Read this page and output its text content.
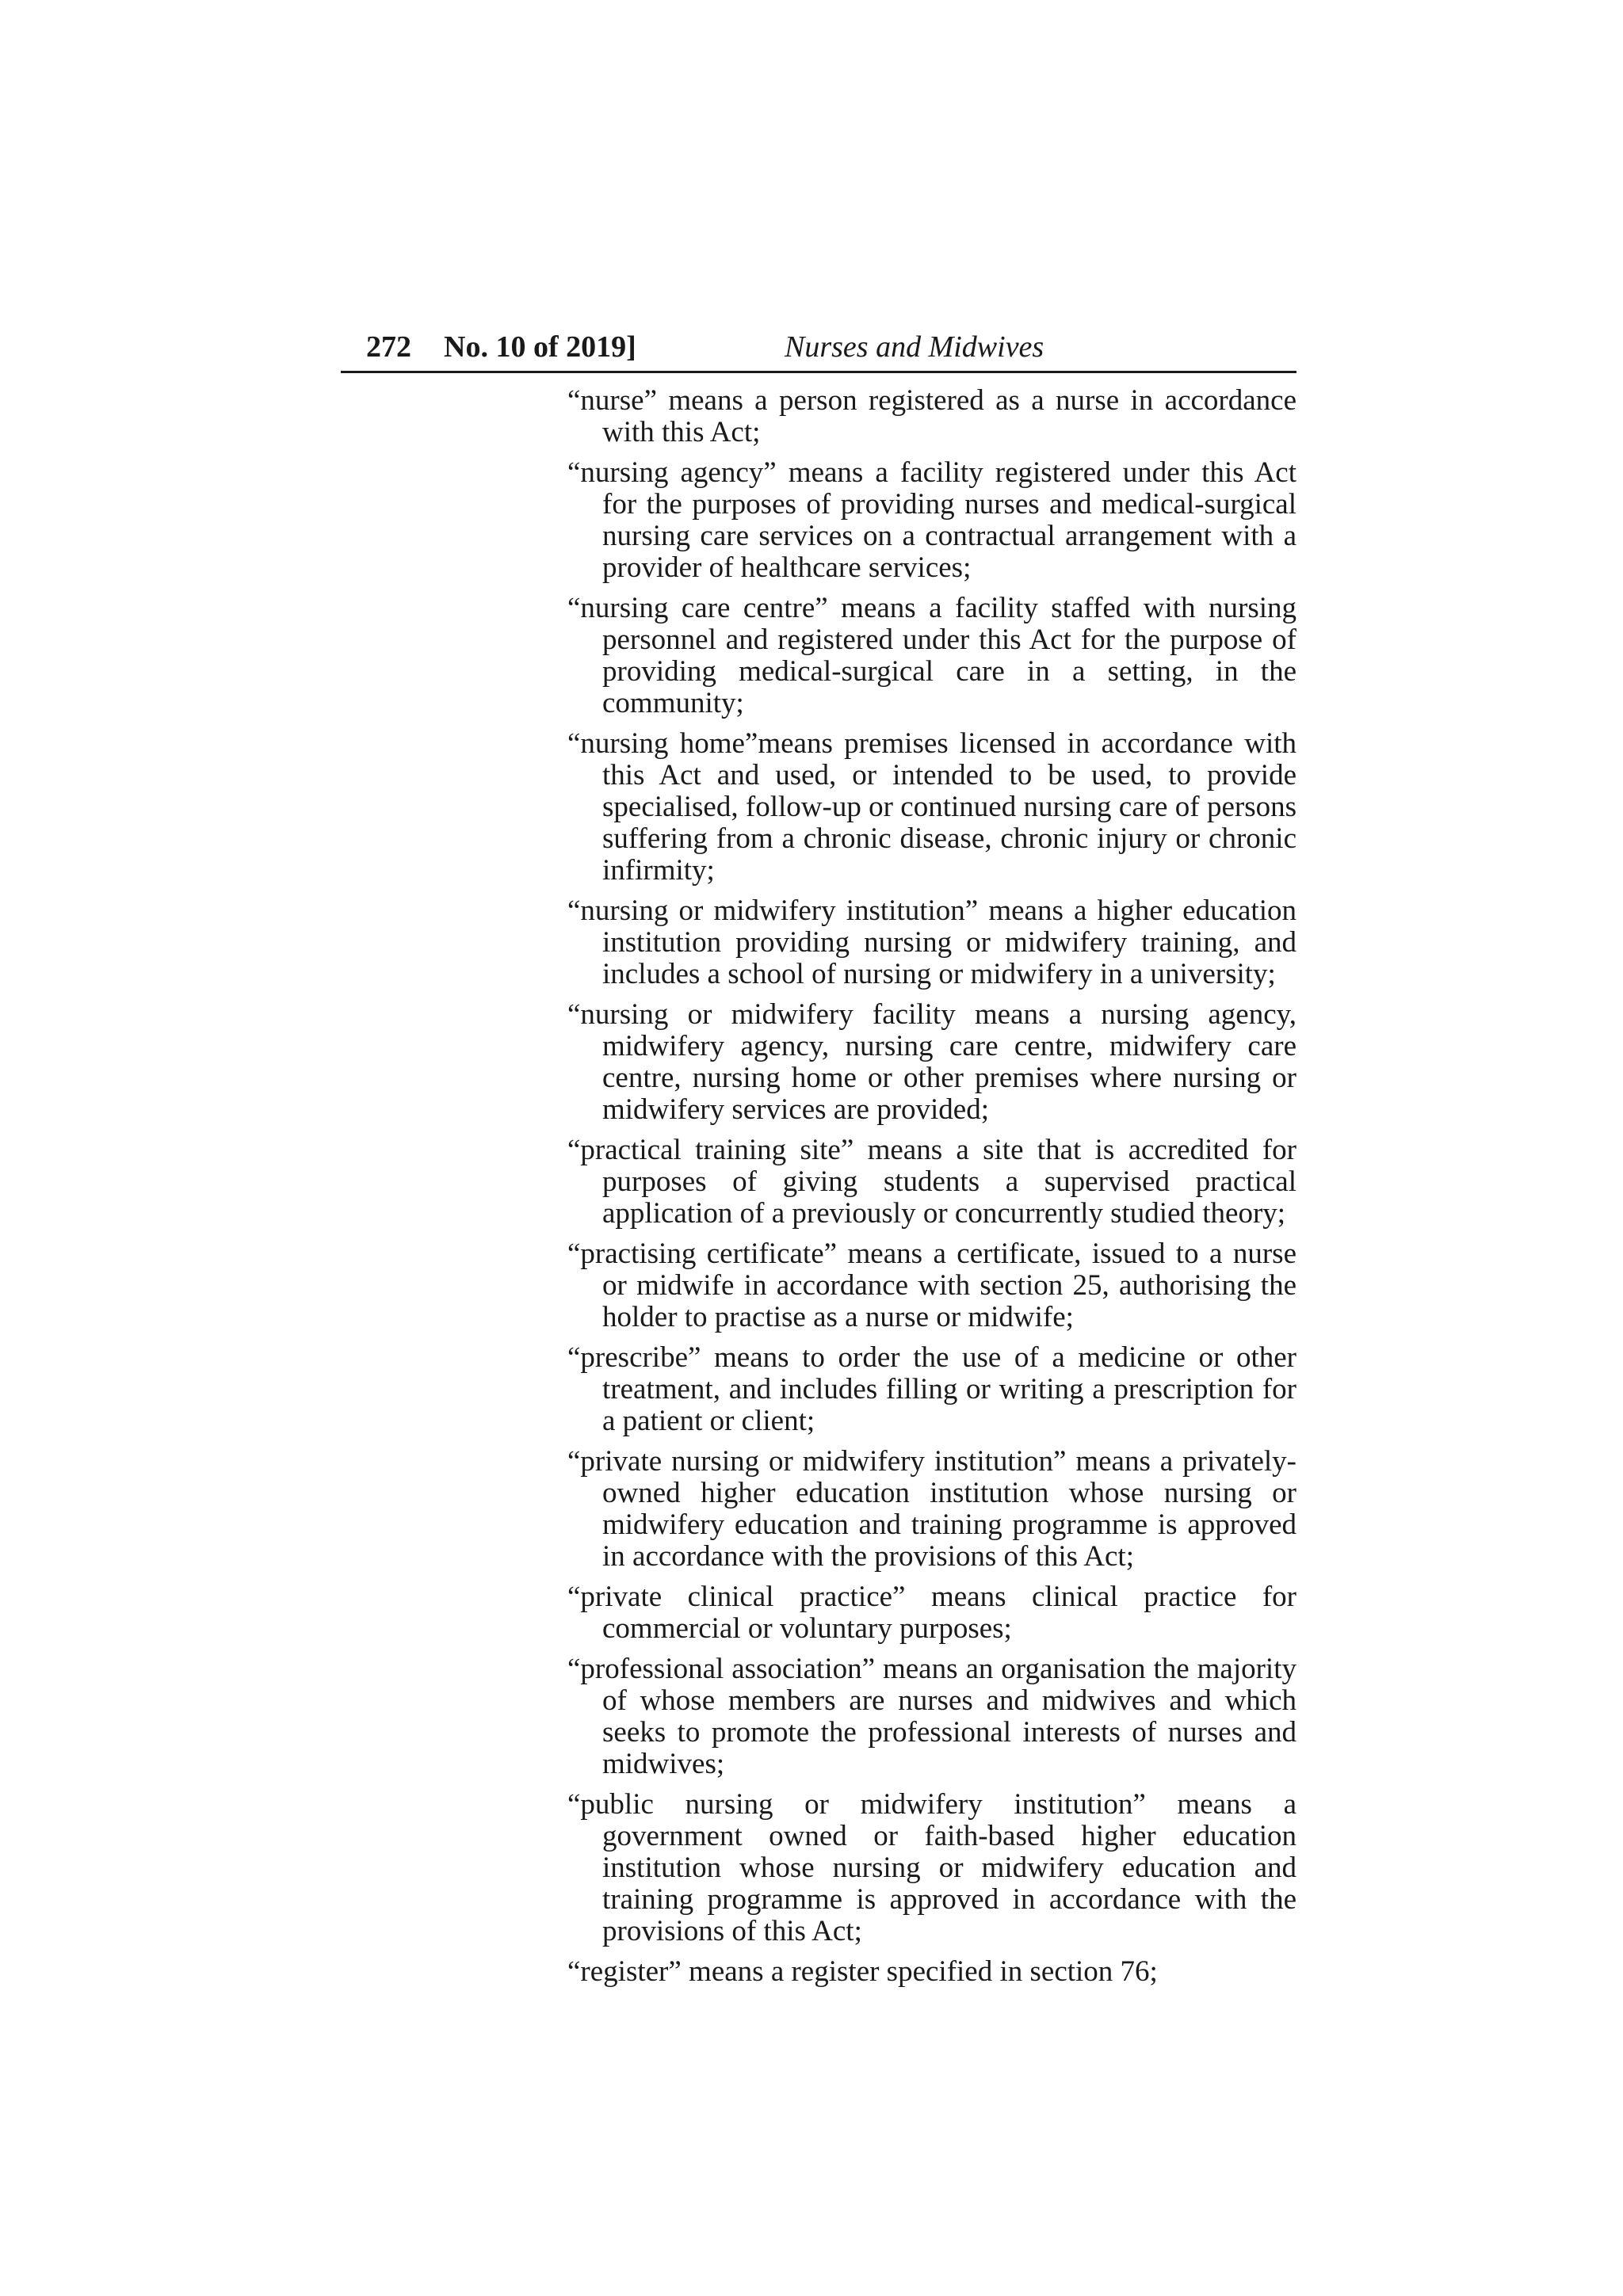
272 No. 10 of 2019]	Nurses and Midwives
“nurse” means a person registered as a nurse in accordance with this Act;
“nursing agency” means a facility registered under this Act for the purposes of providing nurses and medical-surgical nursing care services on a contractual arrangement with a provider of healthcare services;
“nursing care centre” means a facility staffed with nursing personnel and registered under this Act for the purpose of providing medical-surgical care in a setting, in the community;
“nursing home”means premises licensed in accordance with this Act and used, or intended to be used, to provide specialised, follow-up or continued nursing care of persons suffering from a chronic disease, chronic injury or chronic infirmity;
“nursing or midwifery institution” means a higher education institution providing nursing or midwifery training, and includes a school of nursing or midwifery in a university;
“nursing or midwifery facility means a nursing agency, midwifery agency, nursing care centre, midwifery care centre, nursing home or other premises where nursing or midwifery services are provided;
“practical training site” means a site that is accredited for purposes of giving students a supervised practical application of a previously or concurrently studied theory;
“practising certificate” means a certificate, issued to a nurse or midwife in accordance with section 25, authorising the holder to practise as a nurse or midwife;
“prescribe” means to order the use of a medicine or other treatment, and includes filling or writing a prescription for a patient or client;
“private nursing or midwifery institution” means a privately-owned higher education institution whose nursing or midwifery education and training programme is approved in accordance with the provisions of this Act;
“private clinical practice” means clinical practice for commercial or voluntary purposes;
“professional association” means an organisation the majority of whose members are nurses and midwives and which seeks to promote the professional interests of nurses and midwives;
“public nursing or midwifery institution” means a government owned or faith-based higher education institution whose nursing or midwifery education and training programme is approved in accordance with the provisions of this Act;
“register” means a register specified in section 76;
